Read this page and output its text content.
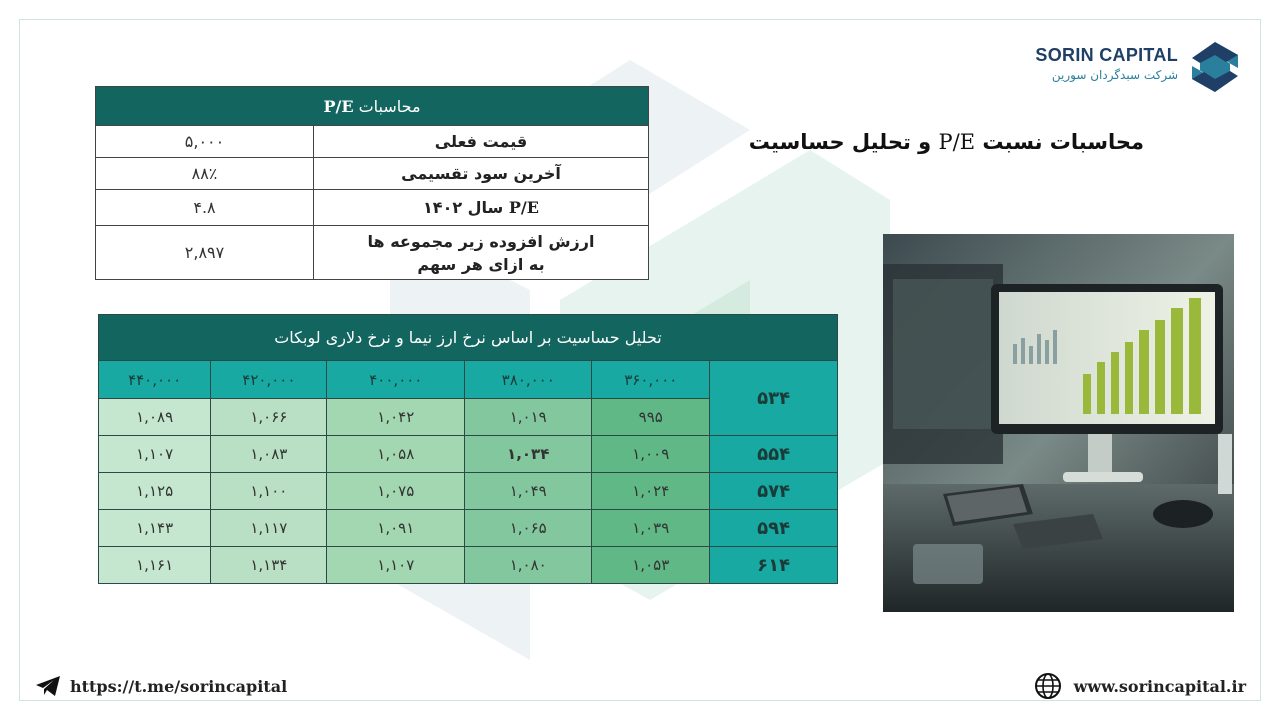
SORIN CAPITAL
شرکت سبدگردان سورین
محاسبات نسبت P/E و تحلیل حساسیت
محاسبات P/E	
قیمت فعلی	۵,۰۰۰
آخرین سود تقسیمی	۸۸٪
P/E سال ۱۴۰۲	۴.۸

ارزش افزوده زیر مجموعه ها
به ازای هر سهم	۲,۸۹۷
تحلیل حساسیت بر اساس نرخ ارز نیما و نرخ دلاری لوبکات					
۵۳۴	۳۶۰,۰۰۰	۳۸۰,۰۰۰	۴۰۰,۰۰۰	۴۲۰,۰۰۰	۴۴۰,۰۰۰
	۹۹۵	۱,۰۱۹	۱,۰۴۲	۱,۰۶۶	۱,۰۸۹
۵۵۴	۱,۰۰۹	۱,۰۳۴	۱,۰۵۸	۱,۰۸۳	۱,۱۰۷
۵۷۴	۱,۰۲۴	۱,۰۴۹	۱,۰۷۵	۱,۱۰۰	۱,۱۲۵
۵۹۴	۱,۰۳۹	۱,۰۶۵	۱,۰۹۱	۱,۱۱۷	۱,۱۴۳
۶۱۴	۱,۰۵۳	۱,۰۸۰	۱,۱۰۷	۱,۱۳۴	۱,۱۶۱
https://t.me/sorincapital	www.sorincapital.ir
